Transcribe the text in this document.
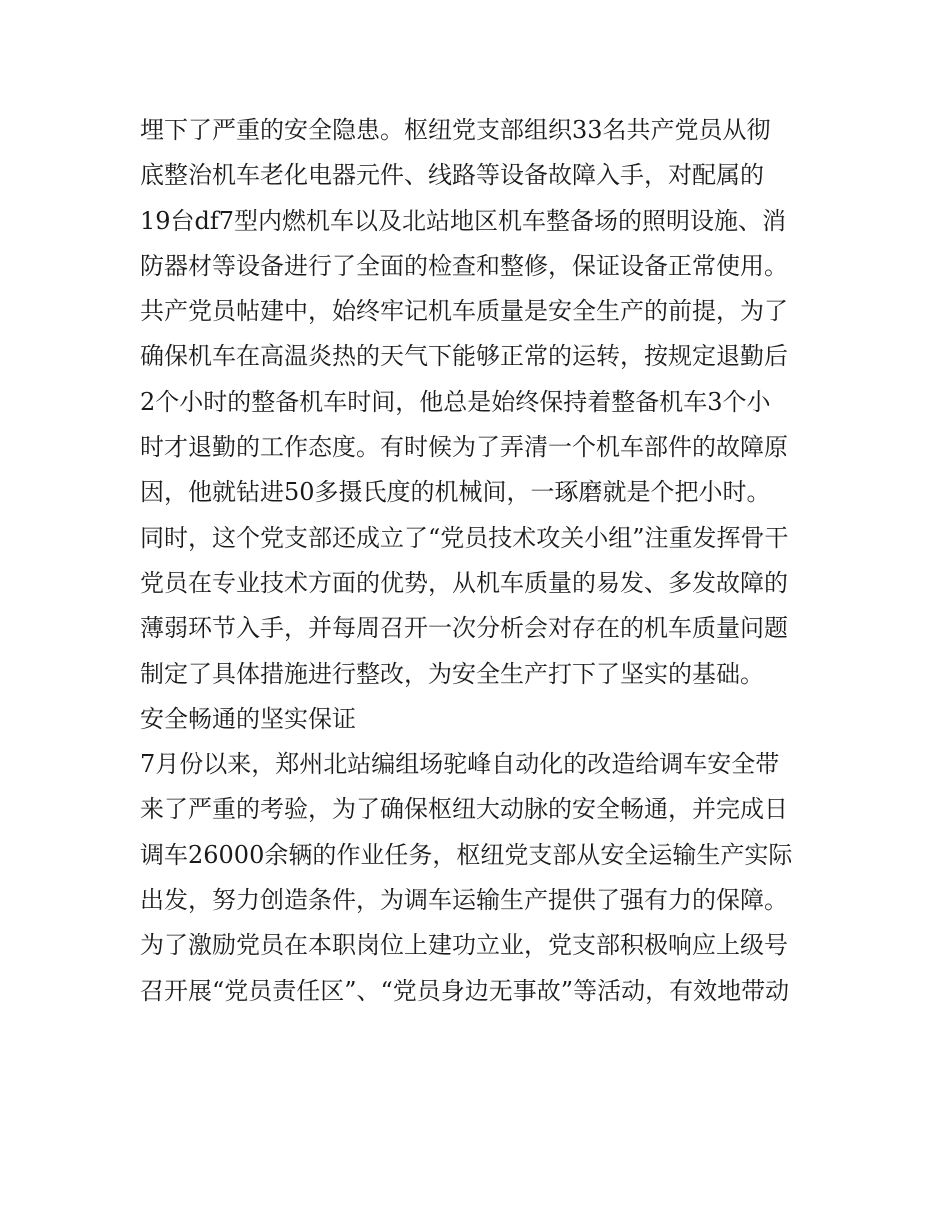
埋下了严重的安全隐患。枢纽党支部组织33名共产党员从彻
底整治机车老化电器元件、线路等设备故障入手，对配属的
19台df7型内燃机车以及北站地区机车整备场的照明设施、消
防器材等设备进行了全面的检查和整修，保证设备正常使用。
共产党员帖建中，始终牢记机车质量是安全生产的前提，为了
确保机车在高温炎热的天气下能够正常的运转，按规定退勤后
2个小时的整备机车时间，他总是始终保持着整备机车3个小
时才退勤的工作态度。有时候为了弄清一个机车部件的故障原
因，他就钻进50多摄氏度的机械间，一琢磨就是个把小时。
同时，这个党支部还成立了“党员技术攻关小组”注重发挥骨干
党员在专业技术方面的优势，从机车质量的易发、多发故障的
薄弱环节入手，并每周召开一次分析会对存在的机车质量问题
制定了具体措施进行整改，为安全生产打下了坚实的基础。
安全畅通的坚实保证
7月份以来，郑州北站编组场驼峰自动化的改造给调车安全带
来了严重的考验，为了确保枢纽大动脉的安全畅通，并完成日
调车26000余辆的作业任务，枢纽党支部从安全运输生产实际
出发，努力创造条件，为调车运输生产提供了强有力的保障。
为了激励党员在本职岗位上建功立业，党支部积极响应上级号
召开展“党员责任区”、“党员身边无事故”等活动，有效地带动
